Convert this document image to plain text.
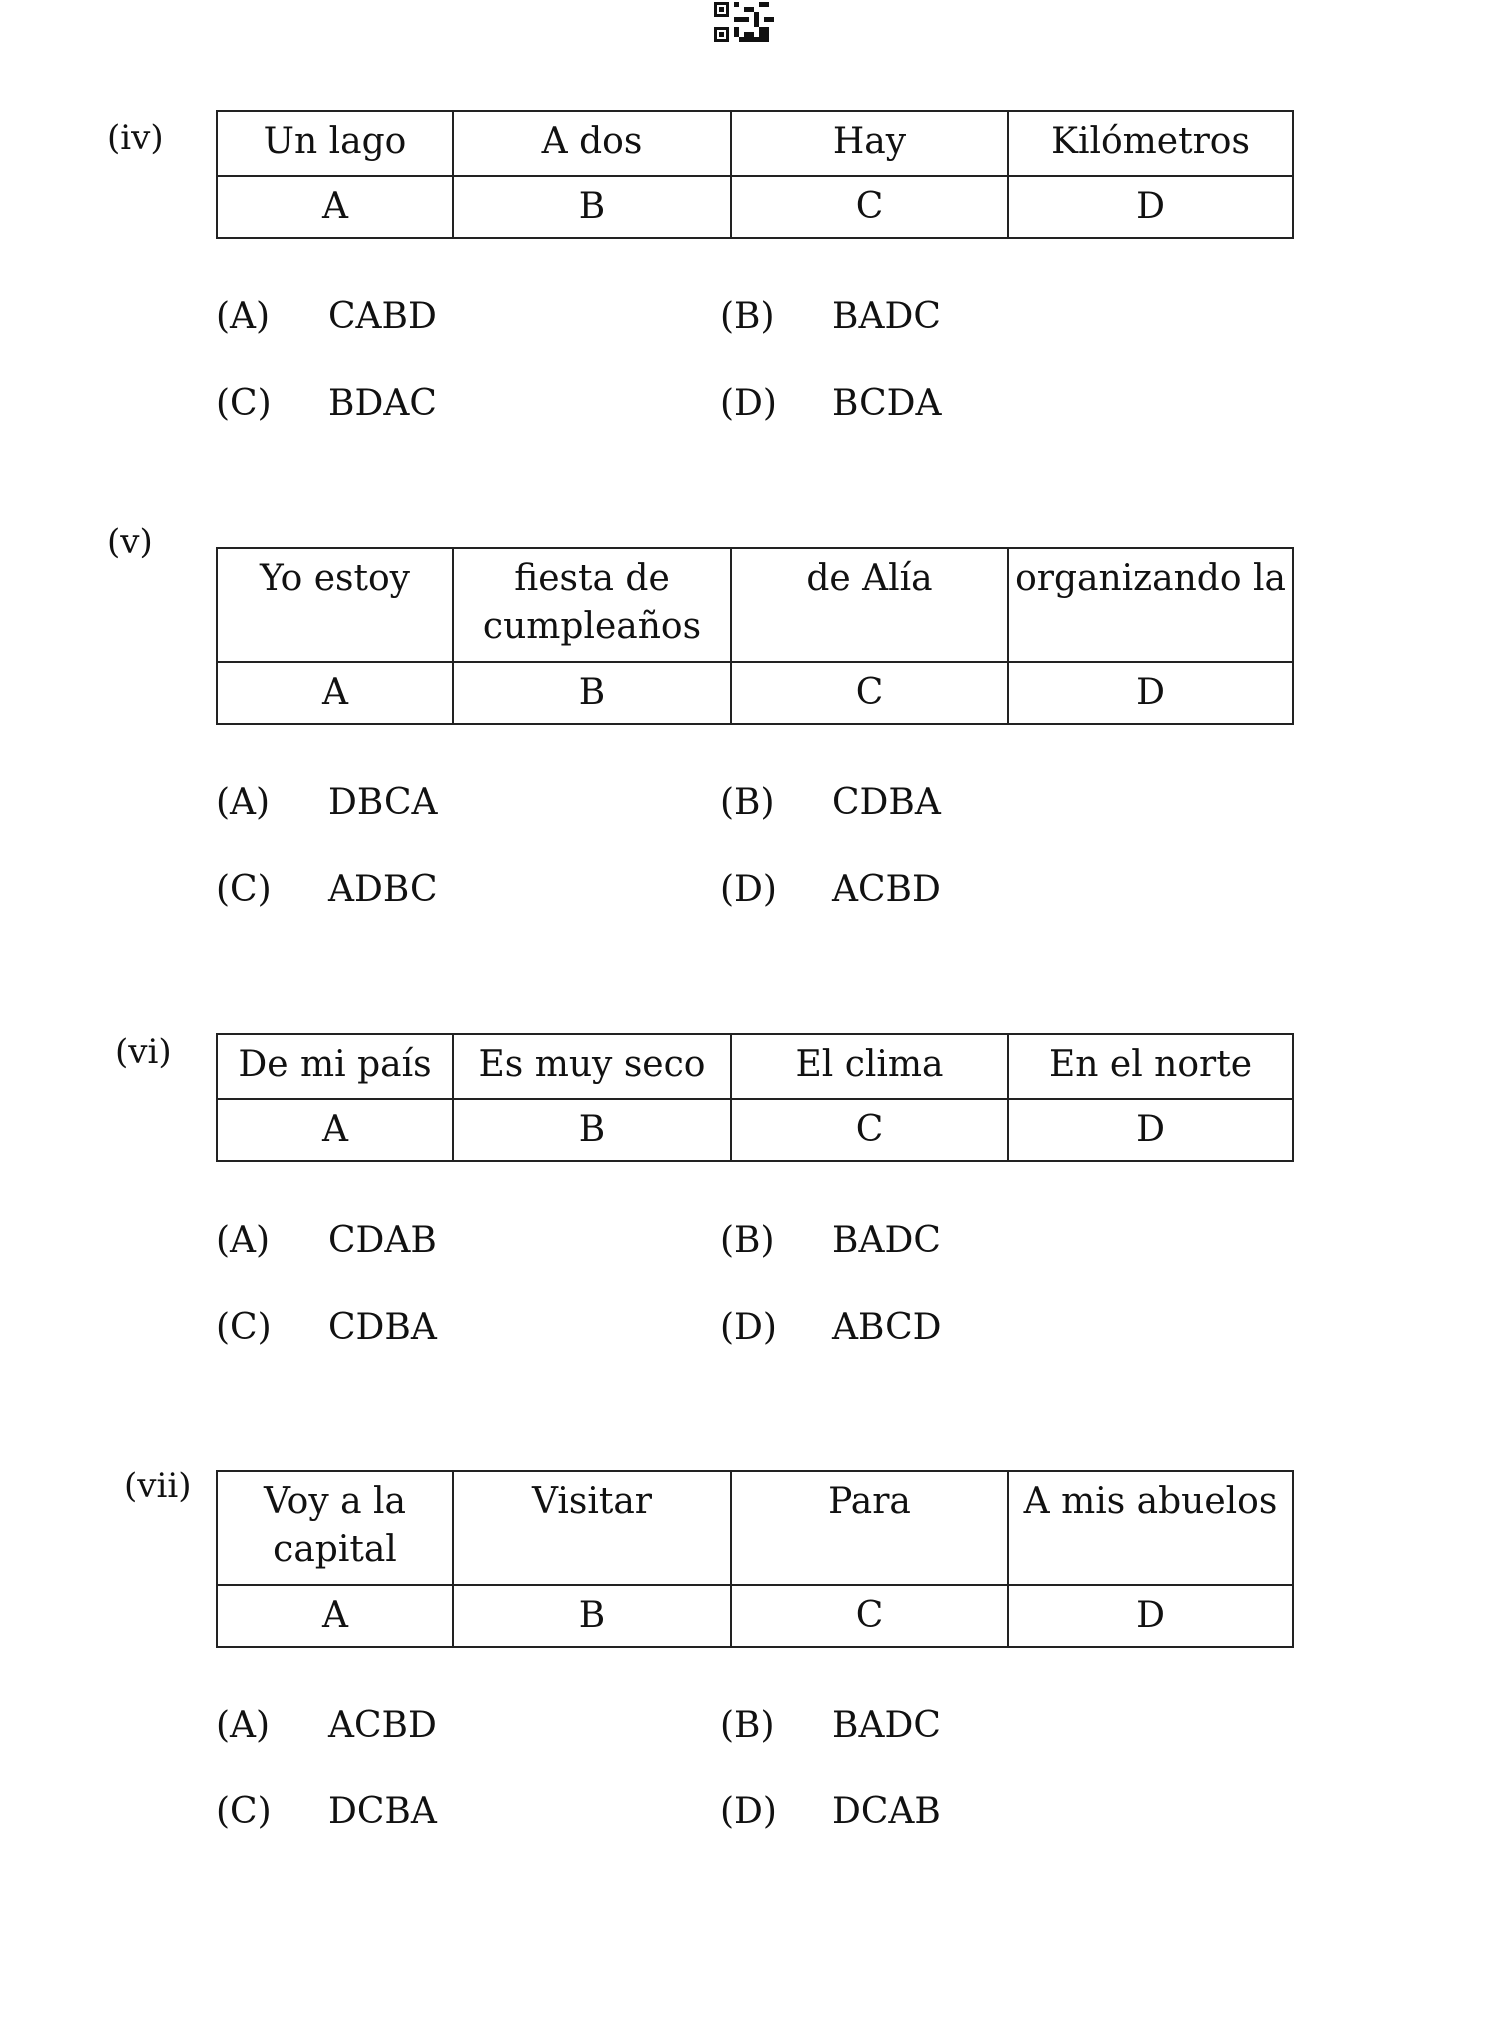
(iv)	Un lago	A dos	Hay	Kilómetros
A	B	C	D
(A) CABD	(B) BADC
(C) BDAC	(D) BCDA
(v)
Yo estoy	fiesta de cumpleaños	de Alía	organizando la
A	B	C	D
(A) DBCA	(B) CDBA
(C) ADBC	(D) ACBD
(vi) De mi país	Es muy seco	El clima	En el norte
A	B	C	D
(A) CDAB	(B) BADC
(C) CDBA	(D) ABCD
(vii) Voy a la capital	Visitar	Para	A mis abuelos
A	B	C	D
(A) ACBD	(B) BADC
(C) DCBA	(D) DCAB
